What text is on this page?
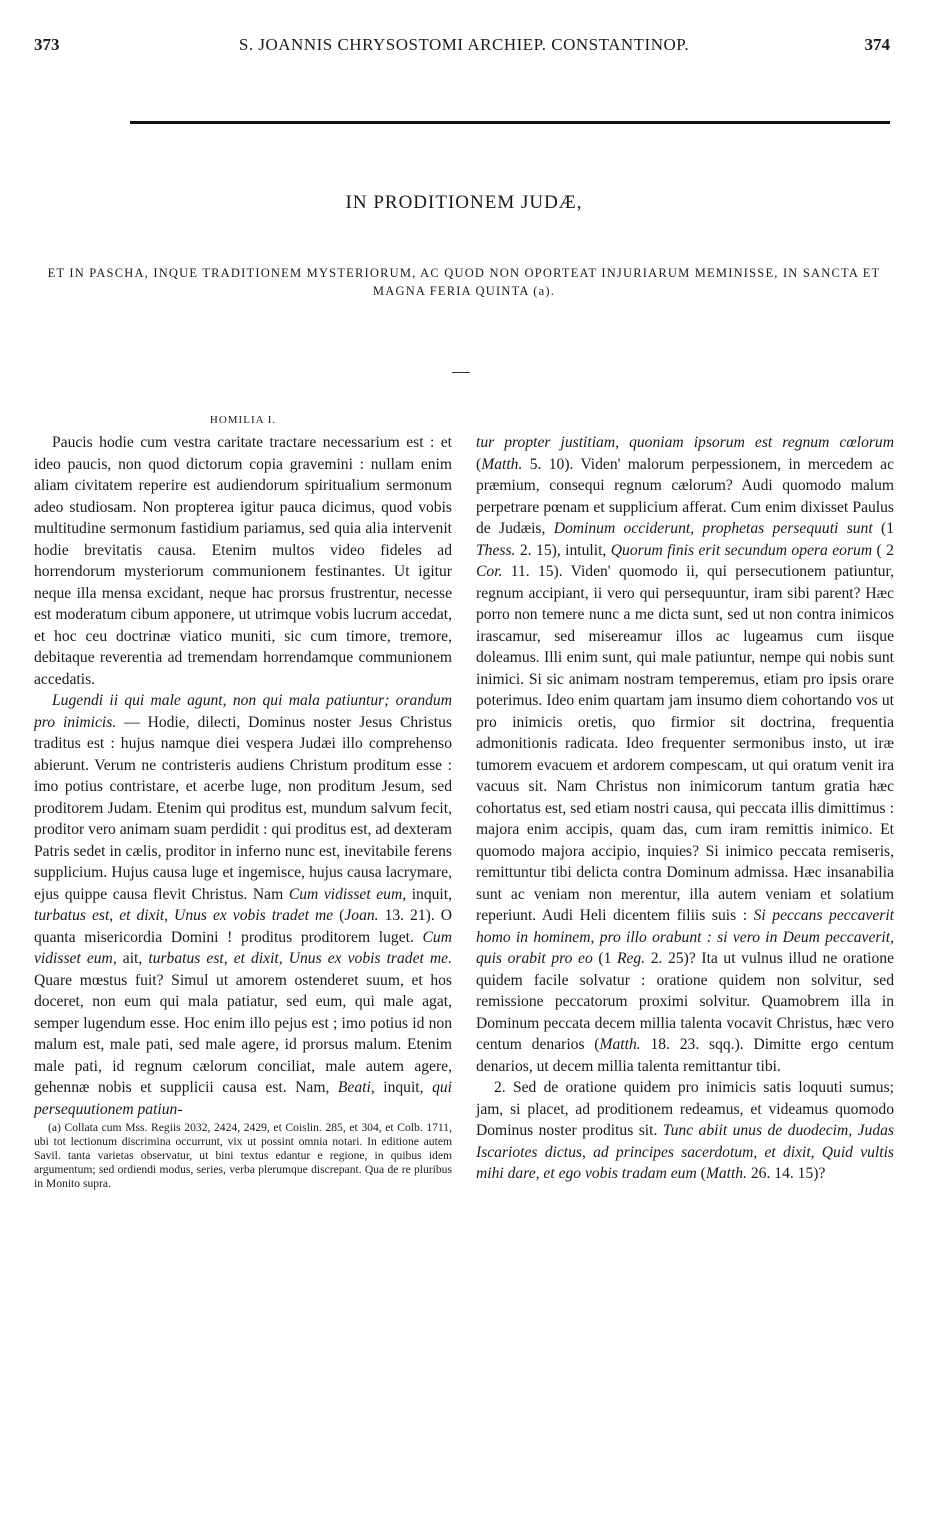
373	S. JOANNIS CHRYSOSTOMI ARCHIEP. CONSTANTINOP.	374
IN PRODITIONEM JUDÆ,
ET IN PASCHA, INQUE TRADITIONEM MYSTERIORUM, AC QUOD NON OPORTEAT INJURIARUM MEMINISSE, IN SANCTA ET MAGNA FERIA QUINTA (a).
HOMILIA I.

Paucis hodie cum vestra caritate tractare necessarium est : et ideo paucis, non quod dictorum copia gravemini : nullam enim aliam civitatem reperire est audiendorum spiritualium sermonum adeo studiosam. Non propterea igitur pauca dicimus, quod vobis multitudine sermonum fastidium pariamus, sed quia alia intervenit hodie brevitatis causa. Etenim multos video fideles ad horrendorum mysteriorum communionem festinantes. Ut igitur neque illa mensa excidant, neque hac prorsus frustrentur, necesse est moderatum cibum apponere, ut utrimque vobis lucrum accedat, et hoc ceu doctrinæ viatico muniti, sic cum timore, tremore, debitaque reverentia ad tremendam horrendamque communionem accedatis.

Lugendi ii qui male agunt, non qui mala patiuntur; orandum pro inimicis. — Hodie, dilecti, Dominus noster Jesus Christus traditus est : hujus namque diei vespera Judæi illo comprehenso abierunt. Verum ne contristeris audiens Christum proditum esse : imo potius contristare, et acerbe luge, non proditum Jesum, sed proditorem Judam. Etenim qui proditus est, mundum salvum fecit, proditor vero animam suam perdidit : qui proditus est, ad dexteram Patris sedet in cælis, proditor in inferno nunc est, inevitabile ferens supplicium. Hujus causa luge et ingemisce, hujus causa lacrymare, ejus quippe causa flevit Christus. Nam Cum vidisset eum, inquit, turbatus est, et dixit, Unus ex vobis tradet me (Joan. 13. 21). O quanta misericordia Domini ! proditus proditorem luget. Cum vidisset eum, ait, turbatus est, et dixit, Unus ex vobis tradet me. Quare mœstus fuit? Simul ut amorem ostenderet suum, et hos doceret, non eum qui mala patiatur, sed eum, qui male agat, semper lugendum esse. Hoc enim illo pejus est ; imo potius id non malum est, male pati, sed male agere, id prorsus malum. Etenim male pati, id regnum cælorum conciliat, male autem agere, gehennæ nobis et supplicii causa est. Nam, Beati, inquit, qui persequutionem patiun-

(a) Collata cum Mss. Regiis 2032, 2424, 2429, et Coislin. 285, et 304, et Colb. 1711, ubi tot lectionum discrimina occurrunt, vix ut possint omnia notari. In editione autem Savil. tanta varietas observatur, ut bini textus edantur e regione, in quibus idem argumentum; sed ordiendi modus, series, verba plerumque discrepant. Qua de re pluribus in Monito supra.

tur propter justitiam, quoniam ipsorum est regnum cœlorum (Matth. 5. 10). Viden' malorum perpessionem, in mercedem ac præmium, consequi regnum cælorum? Audi quomodo malum perpetrare pœnam et supplicium afferat. Cum enim dixisset Paulus de Judæis, Dominum occiderunt, prophetas persequuti sunt (1 Thess. 2. 15), intulit, Quorum finis erit secundum opera eorum ( 2 Cor. 11. 15). Viden' quomodo ii, qui persecutionem patiuntur, regnum accipiant, ii vero qui persequuntur, iram sibi parent? Hæc porro non temere nunc a me dicta sunt, sed ut non contra inimicos irascamur, sed misereamur illos ac lugeamus cum iisque doleamus. Illi enim sunt, qui male patiuntur, nempe qui nobis sunt inimici. Si sic animam nostram temperemus, etiam pro ipsis orare poterimus. Ideo enim quartam jam insumo diem cohortando vos ut pro inimicis oretis, quo firmior sit doctrina, frequentia admonitionis radicata. Ideo frequenter sermonibus insto, ut iræ tumorem evacuem et ardorem compescam, ut qui oratum venit ira vacuus sit. Nam Christus non inimicorum tantum gratia hæc cohortatus est, sed etiam nostri causa, qui peccata illis dimittimus : majora enim accipis, quam das, cum iram remittis inimico. Et quomodo majora accipio, inquies? Si inimico peccata remiseris, remittuntur tibi delicta contra Dominum admissa. Hæc insanabilia sunt ac veniam non merentur, illa autem veniam et solatium reperiunt. Audi Heli dicentem filiis suis : Si peccans peccaverit homo in hominem, pro illo orabunt : si vero in Deum peccaverit, quis orabit pro eo (1 Reg. 2. 25)? Ita ut vulnus illud ne oratione quidem facile solvatur : oratione quidem non solvitur, sed remissione peccatorum proximi solvitur. Quamobrem illa in Dominum peccata decem millia talenta vocavit Christus, hæc vero centum denarios (Matth. 18. 23. sqq.). Dimitte ergo centum denarios, ut decem millia talenta remittantur tibi.

2. Sed de oratione quidem pro inimicis satis loquuti sumus; jam, si placet, ad proditionem redeamus, et videamus quomodo Dominus noster proditus sit. Tunc abiit unus de duodecim, Judas Iscariotes dictus, ad principes sacerdotum, et dixit, Quid vultis mihi dare, et ego vobis tradam eum (Matth. 26. 14. 15)?
